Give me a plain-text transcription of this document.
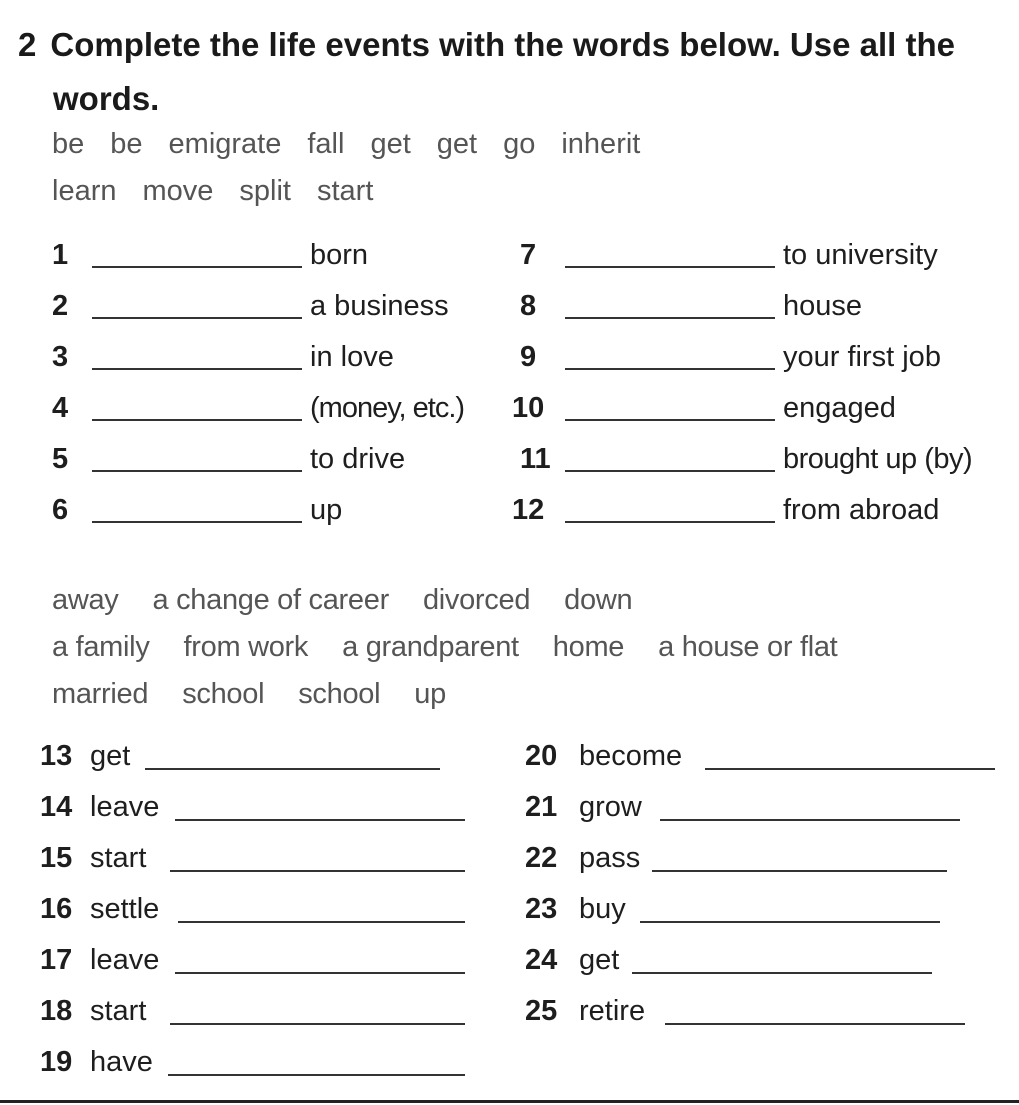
2 Complete the life events with the words below. Use all the
words.
be be emigrate fall get get go inherit
learn move split start
1	born
2	a business
3	in love
4	(money, etc.)
5	to drive
6	up
7	to university
8	house
9	your first job
10	engaged
11	brought up (by)
12	from abroad
away a change of career divorced down
a family from work a grandparent home a house or flat
married school school up
13 get
14 leave
15 start
16 settle
17 leave
18 start
19 have
20 become
21 grow
22 pass
23 buy
24 get
25 retire
